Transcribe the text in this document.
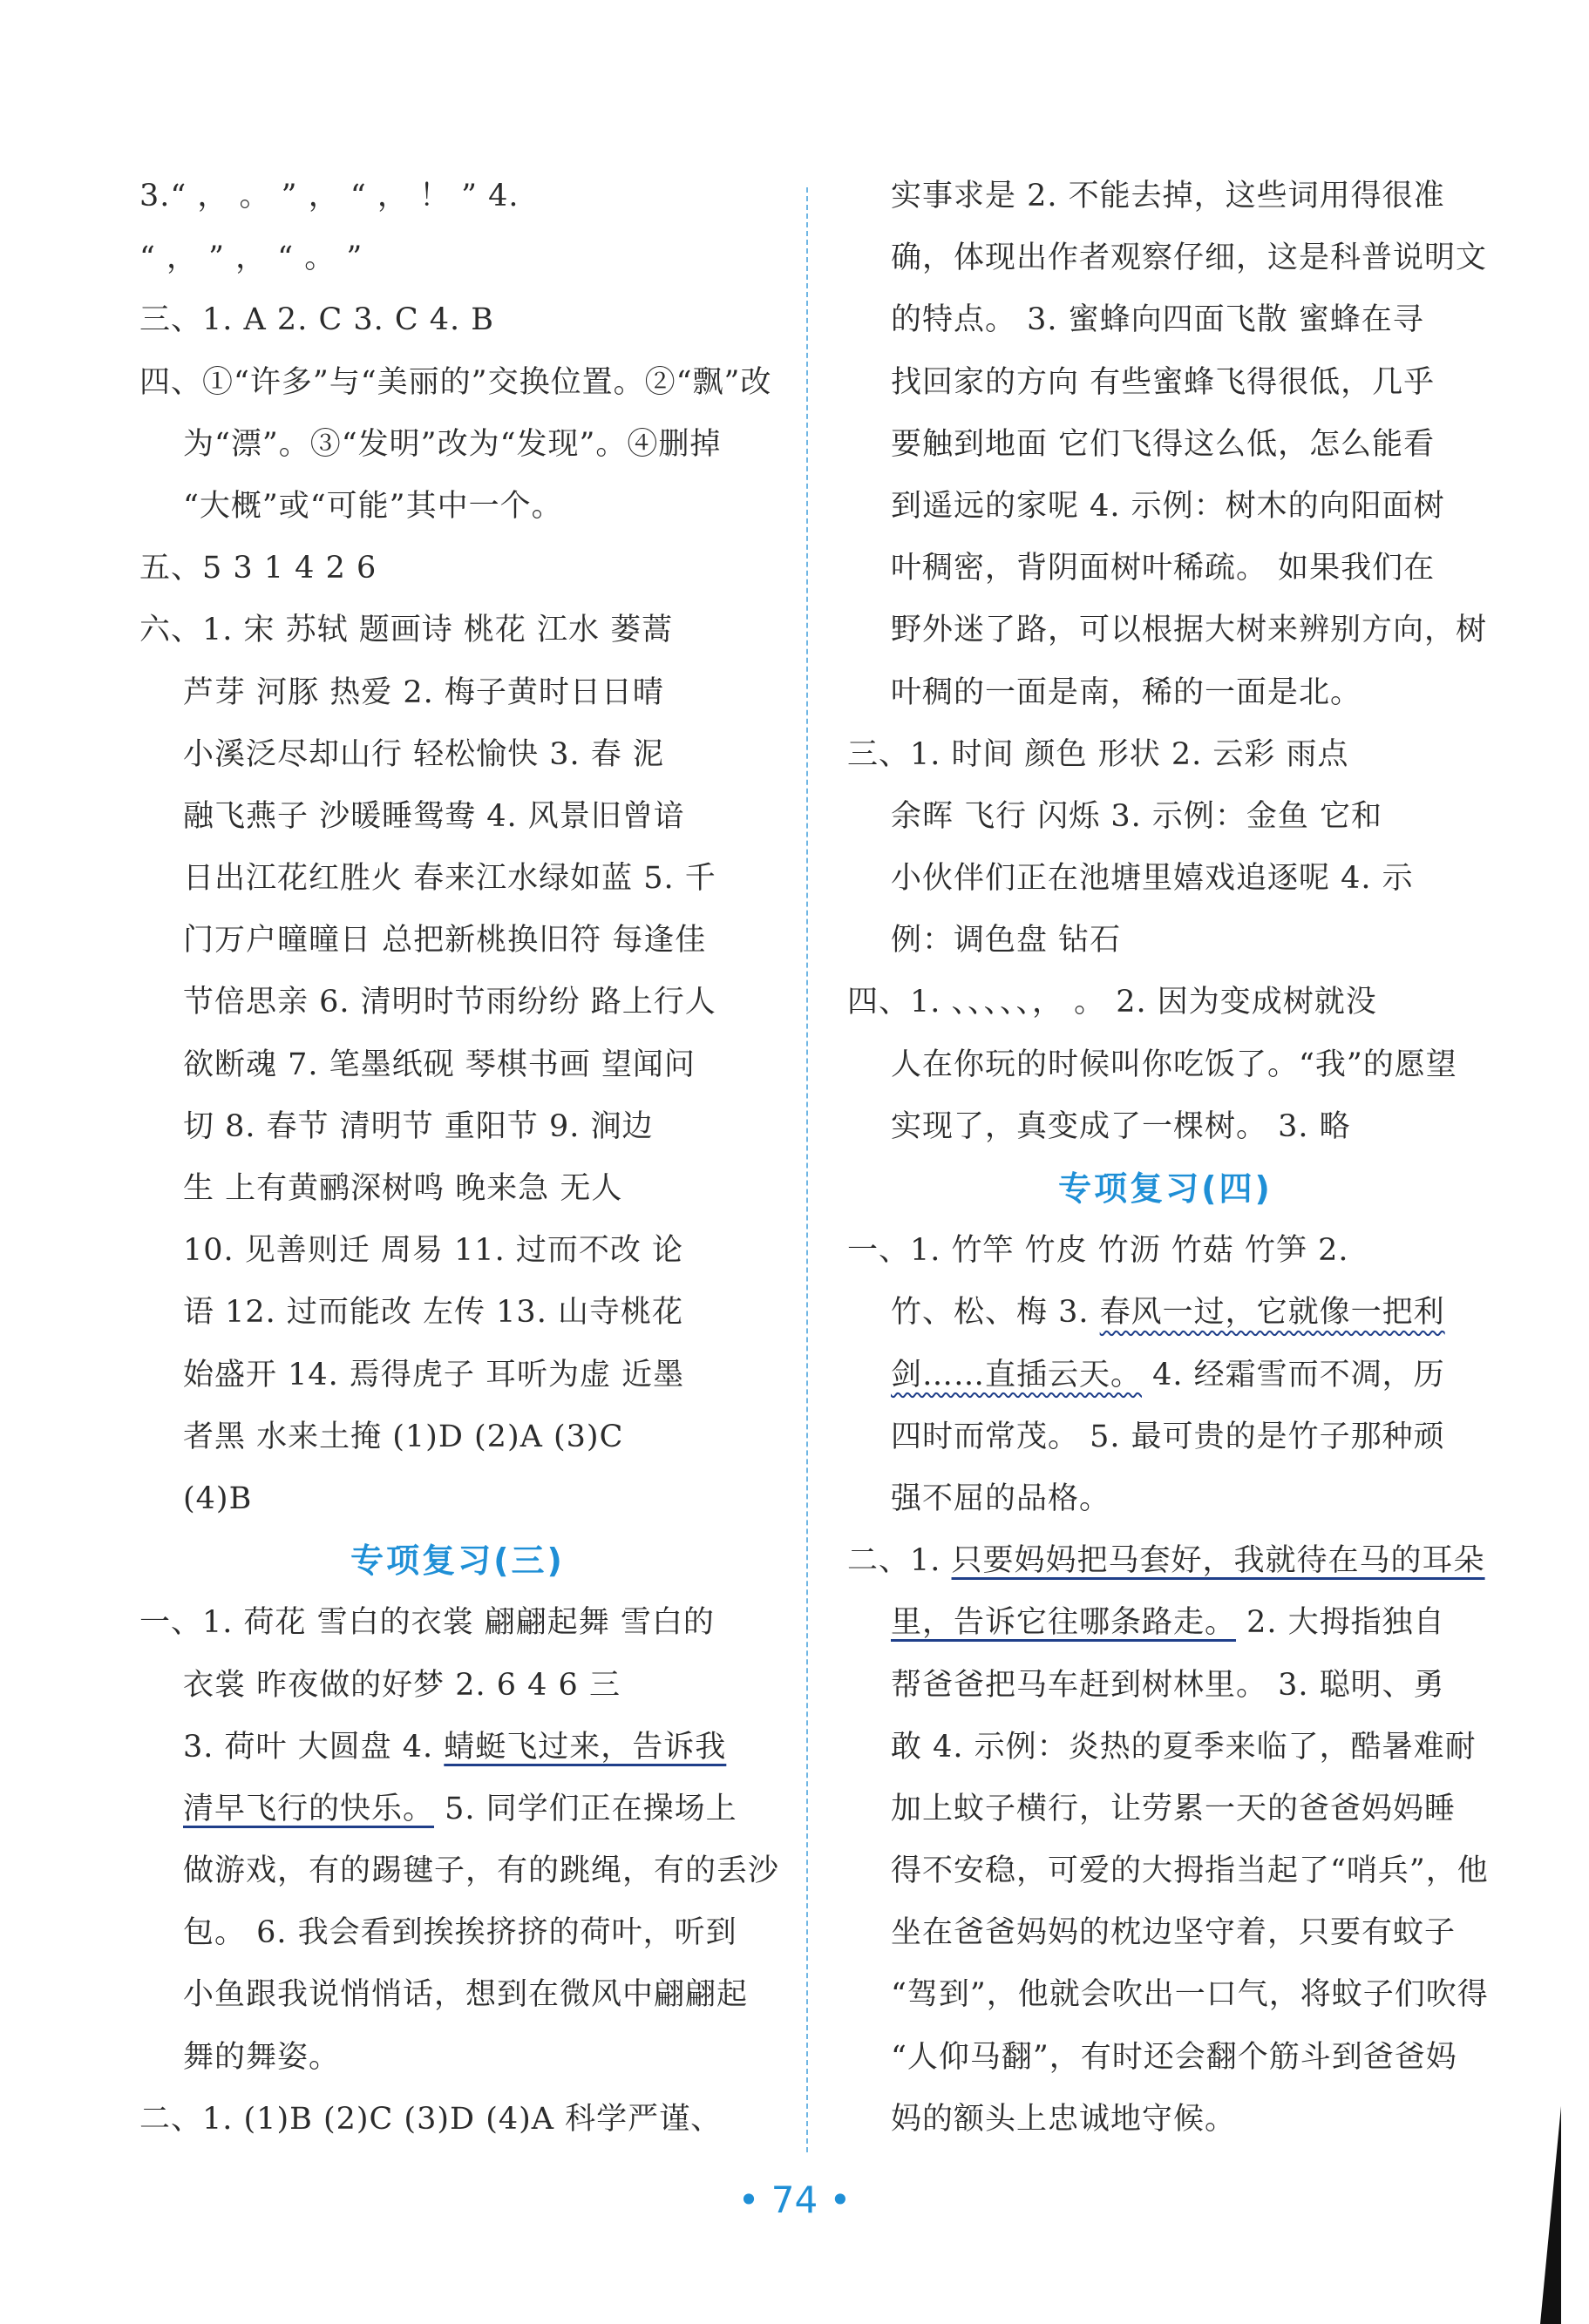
3.“ ， 。 ” ， “ ， ！ ” 4.
“ ， ” ， “ 。 ”
三、1. A 2. C 3. C 4. B
四、①“许多”与“美丽的”交换位置。②“飘”改
为“漂”。③“发明”改为“发现”。④删掉
“大概”或“可能”其中一个。
五、5 3 1 4 2 6
六、1. 宋 苏轼 题画诗 桃花 江水 蒌蒿
芦芽 河豚 热爱 2. 梅子黄时日日晴
小溪泛尽却山行 轻松愉快 3. 春 泥
融飞燕子 沙暖睡鸳鸯 4. 风景旧曾谙
日出江花红胜火 春来江水绿如蓝 5. 千
门万户曈曈日 总把新桃换旧符 每逢佳
节倍思亲 6. 清明时节雨纷纷 路上行人
欲断魂 7. 笔墨纸砚 琴棋书画 望闻问
切 8. 春节 清明节 重阳节 9. 涧边
生 上有黄鹂深树鸣 晚来急 无人
10. 见善则迁 周易 11. 过而不改 论
语 12. 过而能改 左传 13. 山寺桃花
始盛开 14. 焉得虎子 耳听为虚 近墨
者黑 水来土掩 (1)D (2)A (3)C
(4)B
专项复习(三)
一、1. 荷花 雪白的衣裳 翩翩起舞 雪白的
衣裳 昨夜做的好梦 2. 6 4 6 三
3. 荷叶 大圆盘 4. 蜻蜓飞过来，告诉我
清早飞行的快乐。 5. 同学们正在操场上
做游戏，有的踢毽子，有的跳绳，有的丢沙
包。 6. 我会看到挨挨挤挤的荷叶，听到
小鱼跟我说悄悄话，想到在微风中翩翩起
舞的舞姿。
二、1. (1)B (2)C (3)D (4)A 科学严谨、
实事求是 2. 不能去掉，这些词用得很准
确，体现出作者观察仔细，这是科普说明文
的特点。 3. 蜜蜂向四面飞散 蜜蜂在寻
找回家的方向 有些蜜蜂飞得很低，几乎
要触到地面 它们飞得这么低，怎么能看
到遥远的家呢 4. 示例：树木的向阳面树
叶稠密，背阴面树叶稀疏。 如果我们在
野外迷了路，可以根据大树来辨别方向，树
叶稠的一面是南，稀的一面是北。
三、1. 时间 颜色 形状 2. 云彩 雨点
余晖 飞行 闪烁 3. 示例：金鱼 它和
小伙伴们正在池塘里嬉戏追逐呢 4. 示
例：调色盘 钻石
四、1. 、、、、、， 。 2. 因为变成树就没
人在你玩的时候叫你吃饭了。“我”的愿望
实现了，真变成了一棵树。 3. 略
专项复习(四)
一、1. 竹竿 竹皮 竹沥 竹菇 竹笋 2.
竹、松、梅 3. 春风一过，它就像一把利
剑……直插云天。 4. 经霜雪而不凋，历
四时而常茂。 5. 最可贵的是竹子那种顽
强不屈的品格。
二、1. 只要妈妈把马套好，我就待在马的耳朵
里，告诉它往哪条路走。 2. 大拇指独自
帮爸爸把马车赶到树林里。 3. 聪明、勇
敢 4. 示例：炎热的夏季来临了，酷暑难耐
加上蚊子横行，让劳累一天的爸爸妈妈睡
得不安稳，可爱的大拇指当起了“哨兵”，他
坐在爸爸妈妈的枕边坚守着，只要有蚊子
“驾到”，他就会吹出一口气，将蚊子们吹得
“人仰马翻”，有时还会翻个筋斗到爸爸妈
妈的额头上忠诚地守候。
• 74 •
